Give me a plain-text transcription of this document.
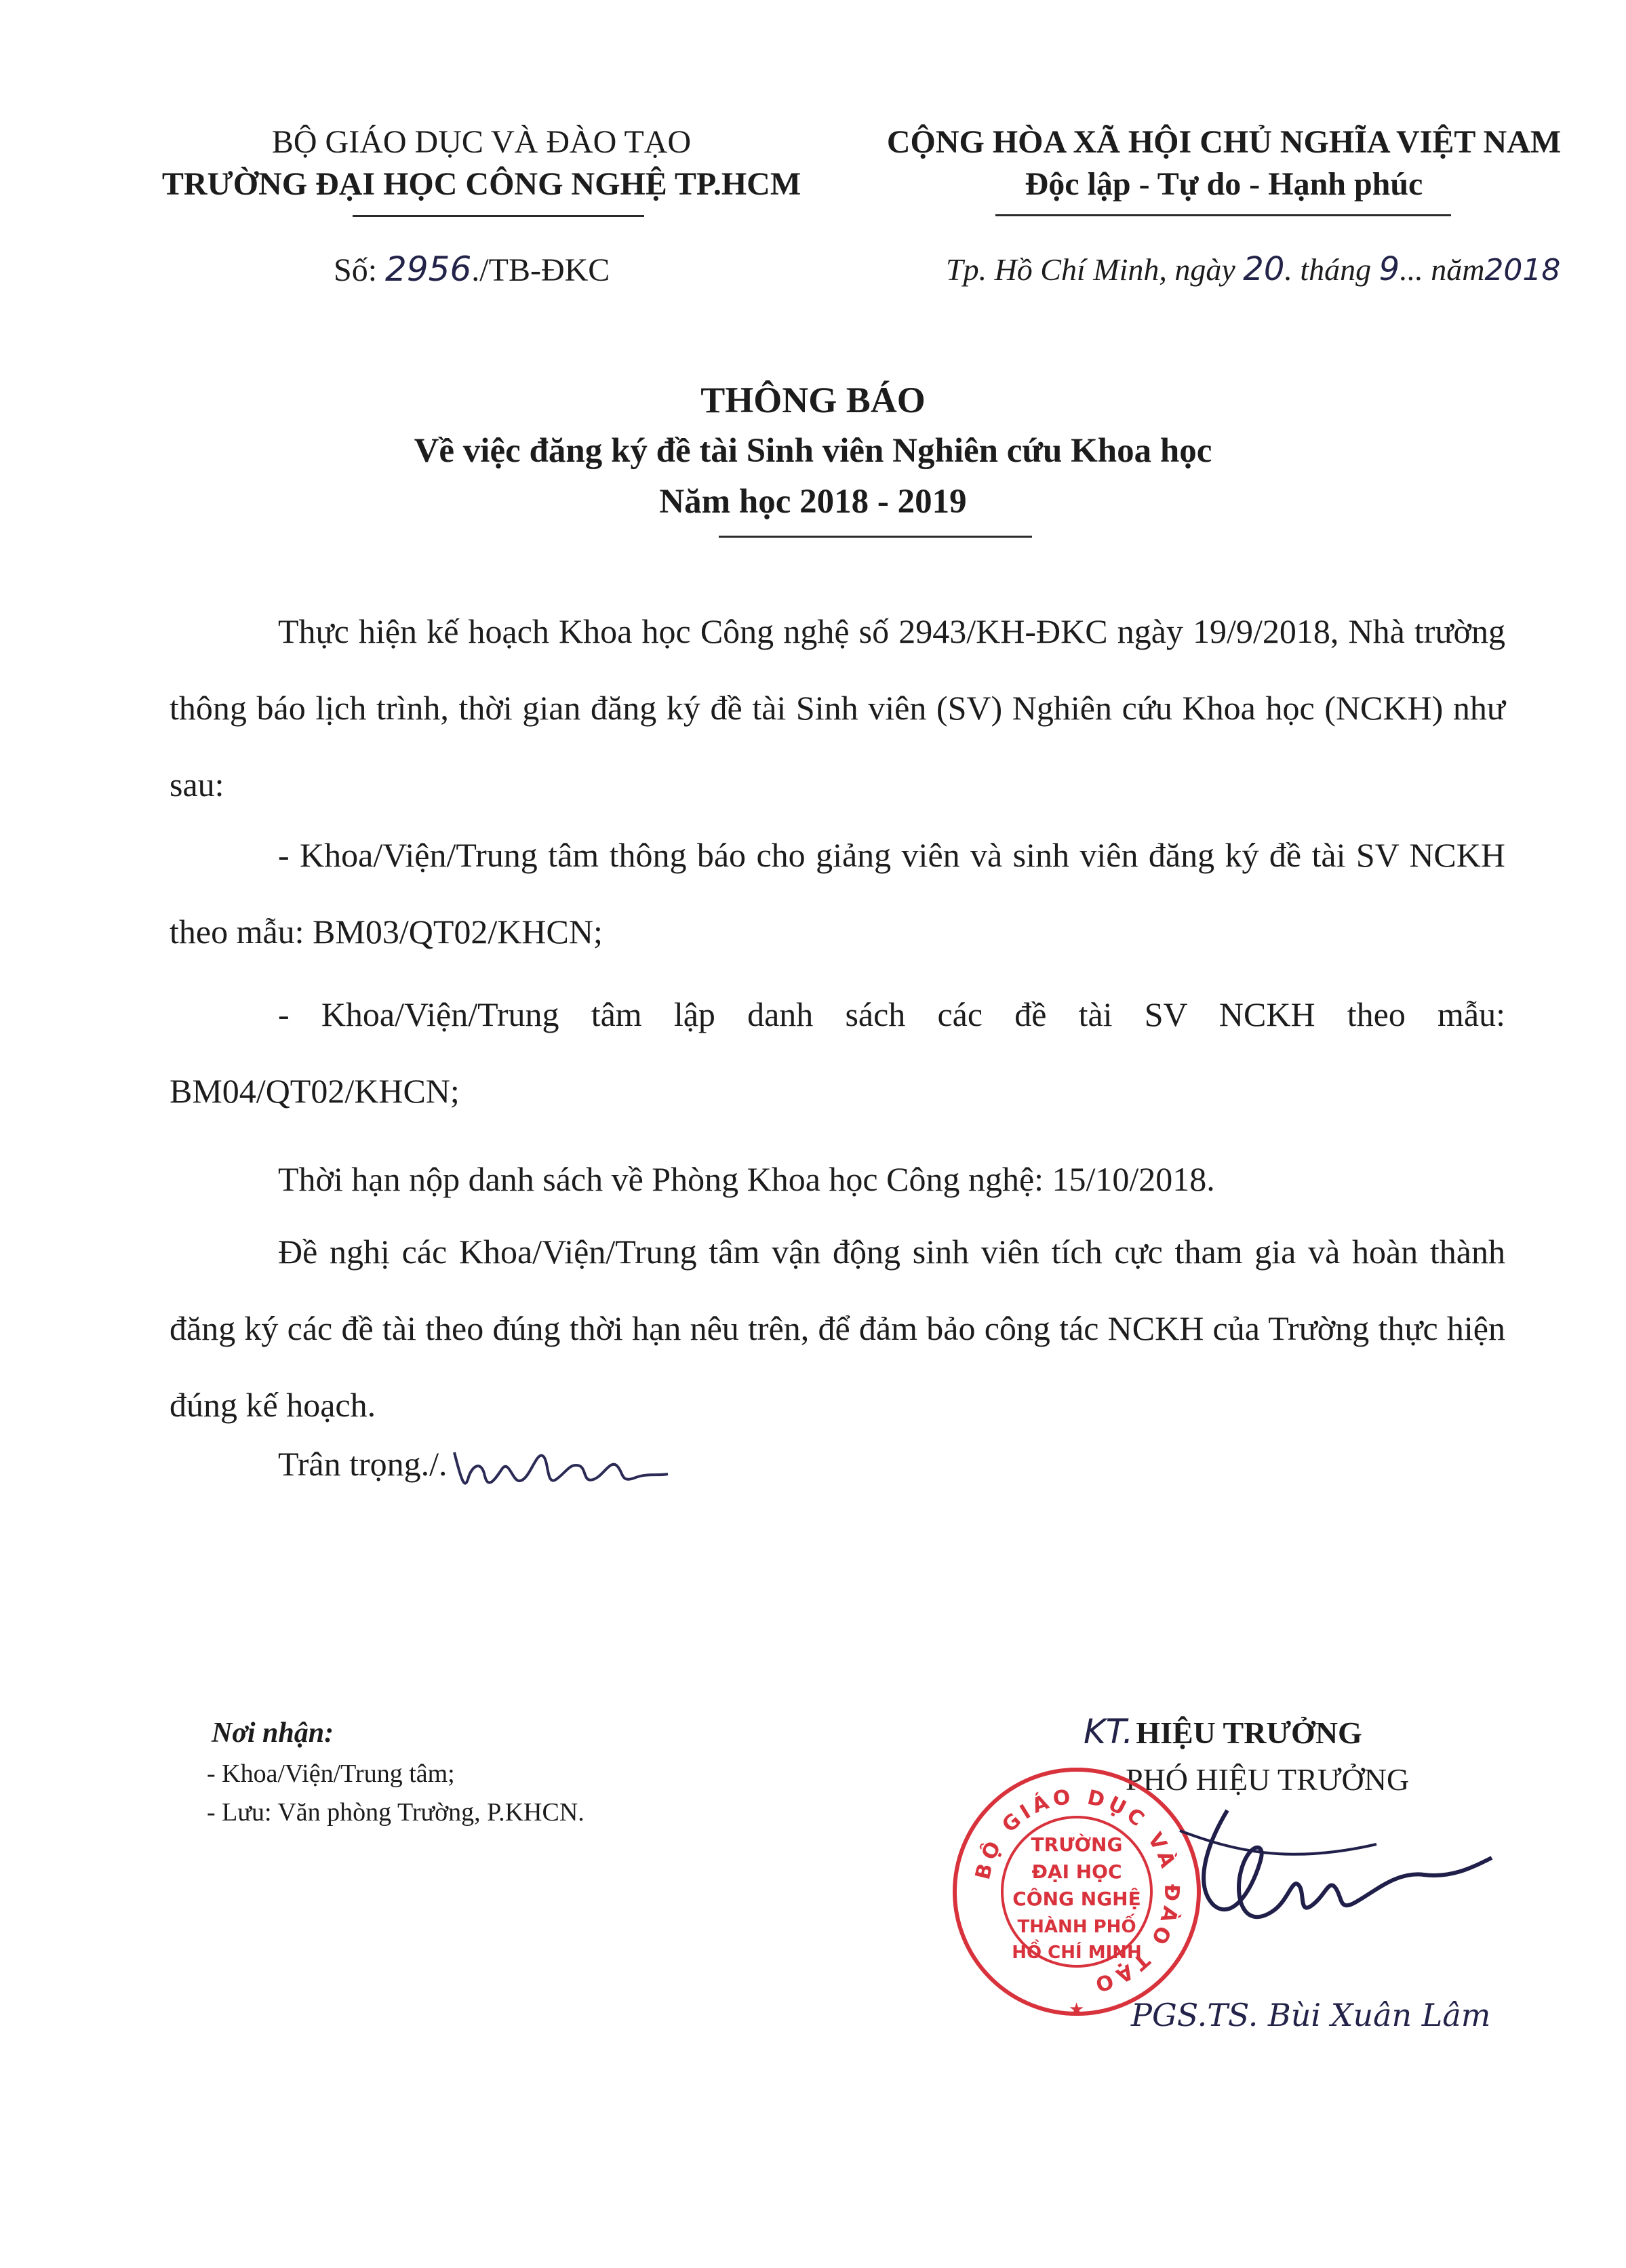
BỘ GIÁO DỤC VÀ ĐÀO TẠO
TRƯỜNG ĐẠI HỌC CÔNG NGHỆ TP.HCM
Số: 2956./TB-ĐKC
CỘNG HÒA XÃ HỘI CHỦ NGHĨA VIỆT NAM
Độc lập - Tự do - Hạnh phúc
Tp. Hồ Chí Minh, ngày 20. tháng 9... năm2018
THÔNG BÁO
Về việc đăng ký đề tài Sinh viên Nghiên cứu Khoa học
Năm học 2018 - 2019
Thực hiện kế hoạch Khoa học Công nghệ số 2943/KH-ĐKC ngày 19/9/2018, Nhà trường thông báo lịch trình, thời gian đăng ký đề tài Sinh viên (SV) Nghiên cứu Khoa học (NCKH) như sau:
- Khoa/Viện/Trung tâm thông báo cho giảng viên và sinh viên đăng ký đề tài SV NCKH theo mẫu: BM03/QT02/KHCN;
- Khoa/Viện/Trung tâm lập danh sách các đề tài SV NCKH theo mẫu: BM04/QT02/KHCN;
Thời hạn nộp danh sách về Phòng Khoa học Công nghệ: 15/10/2018.
Đề nghị các Khoa/Viện/Trung tâm vận động sinh viên tích cực tham gia và hoàn thành đăng ký các đề tài theo đúng thời hạn nêu trên, để đảm bảo công tác NCKH của Trường thực hiện đúng kế hoạch.
Trân trọng./.
Nơi nhận:
- Khoa/Viện/Trung tâm;
- Lưu: Văn phòng Trường, P.KHCN.
KT. HIỆU TRƯỞNG
PHÓ HIỆU TRƯỞNG
BỘ GIÁO DỤC VÀ ĐÀO TẠO
TRƯỜNG
ĐẠI HỌC
CÔNG NGHỆ
THÀNH PHỐ
HỒ CHÍ MINH
★ PGS.TS. Bùi Xuân Lâm
